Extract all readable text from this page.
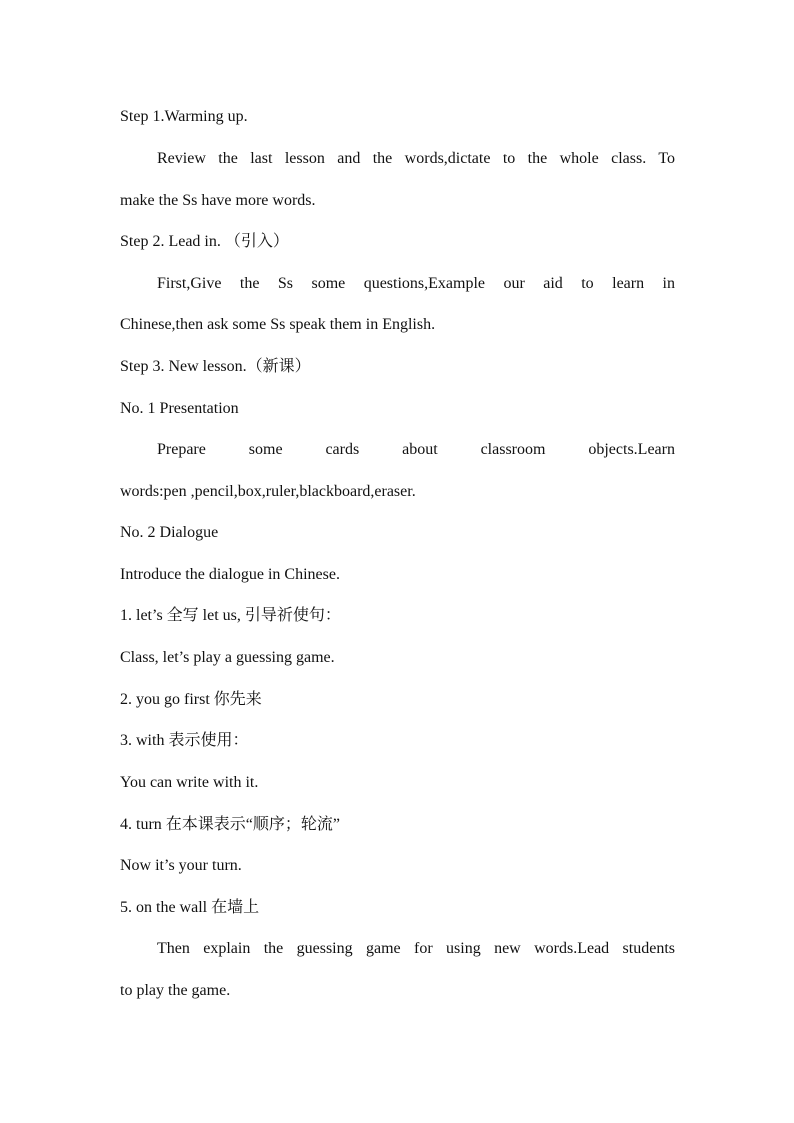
Step 1.Warming up.
Review the last lesson and the words,dictate to the whole class. To
make the Ss have more words.
Step 2. Lead in. （引入）
First,Give the Ss some questions,Example our aid to learn in
Chinese,then ask some Ss speak them in English.
Step 3. New lesson.（新课）
No. 1 Presentation
Prepare	some	cards	about	classroom	objects.Learn
words:pen ,pencil,box,ruler,blackboard,eraser.
No. 2 Dialogue
Introduce the dialogue in Chinese.
1. let’s 全写 let us, 引导祈使句：
Class, let’s play a guessing game.
2. you go first 你先来
3. with 表示使用：
You can write with it.
4. turn 在本课表示“顺序；轮流”
Now it’s your turn.
5. on the wall 在墙上
Then explain the guessing game for using new words.Lead students
to play the game.
